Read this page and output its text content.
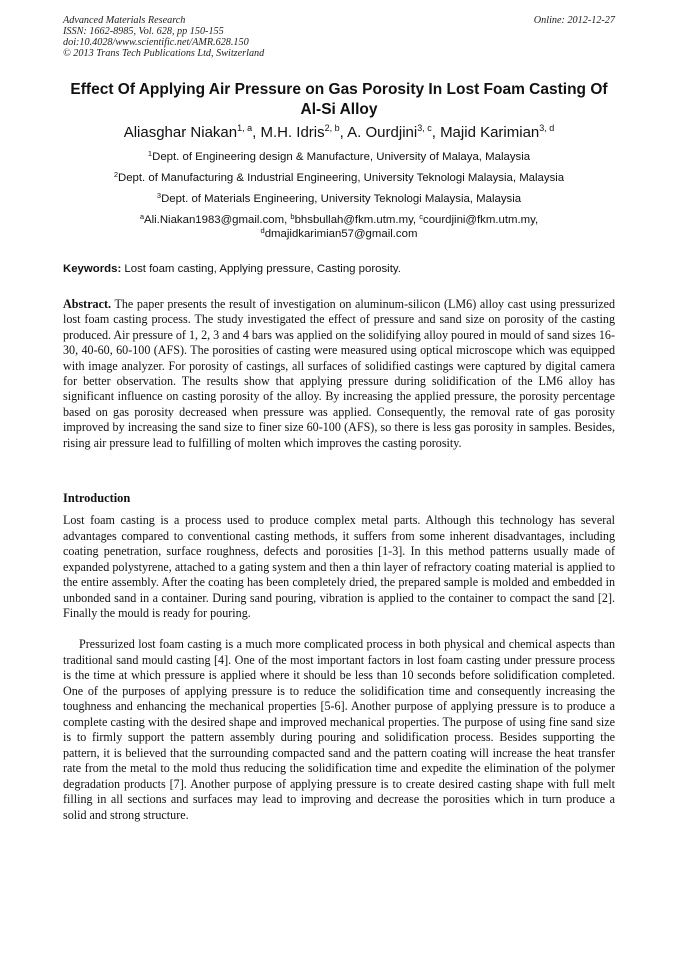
Advanced Materials Research
ISSN: 1662-8985, Vol. 628, pp 150-155
doi:10.4028/www.scientific.net/AMR.628.150
© 2013 Trans Tech Publications Ltd, Switzerland
Online: 2012-12-27
Effect Of Applying Air Pressure on Gas Porosity In Lost Foam Casting Of Al-Si Alloy
Aliasghar Niakan$^{1, a}$, M.H. Idris$^{2, b}$, A. Ourdjini$^{3, c}$, Majid Karimian$^{3, d}$
$^1$Dept. of Engineering design & Manufacture, University of Malaya, Malaysia
$^2$Dept. of Manufacturing & Industrial Engineering, University Teknologi Malaysia, Malaysia
$^3$Dept. of Materials Engineering, University Teknologi Malaysia, Malaysia
$^a$Ali.Niakan1983@gmail.com, $^b$bhsbullah@fkm.utm.my, $^c$courdjini@fkm.utm.my,
$^d$dmajidkarimian57@gmail.com
Keywords: Lost foam casting, Applying pressure, Casting porosity.
Abstract. The paper presents the result of investigation on aluminum-silicon (LM6) alloy cast using pressurized lost foam casting process. The study investigated the effect of pressure and sand size on porosity of the casting produced. Air pressure of 1, 2, 3 and 4 bars was applied on the solidifying alloy poured in mould of sand sizes 16-30, 40-60, 60-100 (AFS). The porosities of casting were measured using optical microscope which was equipped with image analyzer. For porosity of castings, all surfaces of solidified castings were captured by digital camera for better observation. The results show that applying pressure during solidification of the LM6 alloy has significant influence on casting porosity of the alloy. By increasing the applied pressure, the porosity percentage based on gas porosity decreased when pressure was applied. Consequently, the removal rate of gas porosity improved by increasing the sand size to finer size 60-100 (AFS), so there is less gas porosity in samples. Besides, rising air pressure lead to fulfilling of molten which improves the casting porosity.
Introduction
Lost foam casting is a process used to produce complex metal parts. Although this technology has several advantages compared to conventional casting methods, it suffers from some inherent disadvantages, including coating penetration, surface roughness, defects and porosities [1-3]. In this method patterns usually made of expanded polystyrene, attached to a gating system and then a thin layer of refractory coating material is applied to the entire assembly. After the coating has been completely dried, the prepared sample is molded and embedded in unbonded sand in a container. During sand pouring, vibration is applied to the container to compact the sand [2]. Finally the mould is ready for pouring.
Pressurized lost foam casting is a much more complicated process in both physical and chemical aspects than traditional sand mould casting [4]. One of the most important factors in lost foam casting under pressure process is the time at which pressure is applied where it should be less than 10 seconds before solidification completed. One of the purposes of applying pressure is to reduce the solidification time and consequently increasing the toughness and enhancing the mechanical properties [5-6]. Another purpose of applying pressure is to produce a complete casting with the desired shape and improved mechanical properties. The purpose of using fine sand size is to firmly support the pattern assembly during pouring and solidification process. Besides supporting the pattern, it is believed that the surrounding compacted sand and the pattern coating will increase the heat transfer rate from the metal to the mold thus reducing the solidification time and expedite the elimination of the polymer degradation products [7]. Another purpose of applying pressure is to create desired casting shape with full melt filling in all sections and surfaces may lead to improving and decrease the porosities which in turn produce a solid and strong structure.
